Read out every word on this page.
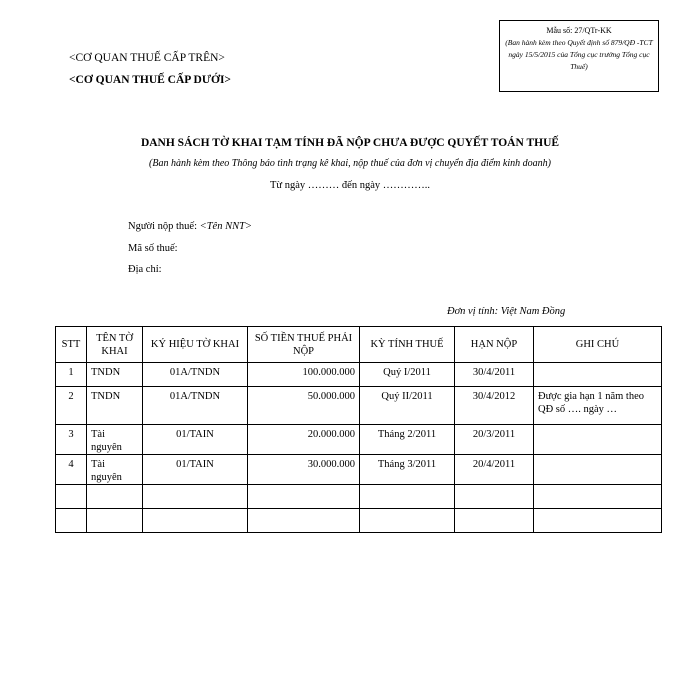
Mẫu số: 27/QTr-KK
(Ban hành kèm theo Quyết định số 879/QĐ -TCT ngày 15/5/2015 của Tổng cục trưởng Tổng cục Thuế)
<CƠ QUAN THUẾ CẤP TRÊN>
<CƠ QUAN THUẾ CẤP DƯỚI>
DANH SÁCH TỜ KHAI TẠM TÍNH ĐÃ NỘP CHƯA ĐƯỢC QUYẾT TOÁN THUẾ
(Ban hành kèm theo Thông báo tình trạng kê khai, nộp thuế của đơn vị chuyển địa điểm kinh doanh)
Từ ngày ……… đến ngày …………..
Người nộp thuế: <Tên NNT>
Mã số thuế:
Địa chỉ:
Đơn vị tính: Việt Nam Đồng
STT	TÊN TỜ KHAI	KÝ HIỆU TỜ KHAI	SỐ TIỀN THUẾ PHẢI NỘP	KỲ TÍNH THUẾ	HẠN NỘP	GHI CHÚ
1	TNDN	01A/TNDN	100.000.000	Quý I/2011	30/4/2011	
2	TNDN	01A/TNDN	50.000.000	Quý II/2011	30/4/2012	Được gia hạn 1 năm theo QĐ số …. ngày …
3	Tài nguyên	01/TAIN	20.000.000	Tháng 2/2011	20/3/2011	
4	Tài nguyên	01/TAIN	30.000.000	Tháng 3/2011	20/4/2011	
